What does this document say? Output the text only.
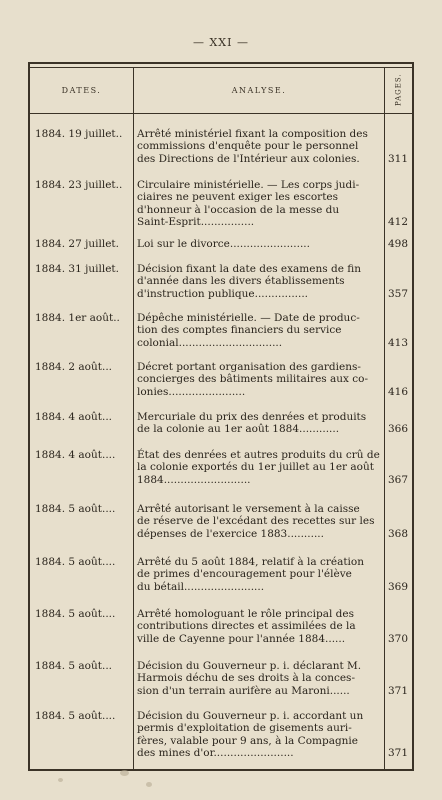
— XXI —
DATES.	ANALYSE.	PAGES.
1884. 19 juillet.. Arrêté ministériel fixant la composition des
commissions d'enquête pour le personnel
des Directions de l'Intérieur aux colonies.	311
1884. 23 juillet.. Circulaire ministérielle. — Les corps judi-
ciaires ne peuvent exiger les escortes
d'honneur à l'occasion de la messe du
Saint-Esprit................	412
1884. 27 juillet. Loi sur le divorce........................	498
1884. 31 juillet. Décision fixant la date des examens de fin
d'année dans les divers établissements
d'instruction publique................	357
1884. 1er août.. Dépêche ministérielle. — Date de produc-
tion des comptes financiers du service
colonial...............................	413
1884. 2 août... Décret portant organisation des gardiens-
concierges des bâtiments militaires aux co-
lonies.......................	416
1884. 4 août... Mercuriale du prix des denrées et produits
de la colonie au 1er août 1884............	366
1884. 4 août.... État des denrées et autres produits du crû de
la colonie exportés du 1er juillet au 1er août
1884..........................	367
1884. 5 août.... Arrêté autorisant le versement à la caisse
de réserve de l'excédant des recettes sur les
dépenses de l'exercice 1883...........	368
1884. 5 août.... Arrêté du 5 août 1884, relatif à la création
de primes d'encouragement pour l'élève
du bétail........................	369
1884. 5 août.... Arrêté homologuant le rôle principal des
contributions directes et assimilées de la
ville de Cayenne pour l'année 1884......	370
1884. 5 août... Décision du Gouverneur p. i. déclarant M.
Harmois déchu de ses droits à la conces-
sion d'un terrain aurifère au Maroni......	371
1884. 5 août.... Décision du Gouverneur p. i. accordant un
permis d'exploitation de gisements auri-
fères, valable pour 9 ans, à la Compagnie
des mines d'or........................	371
